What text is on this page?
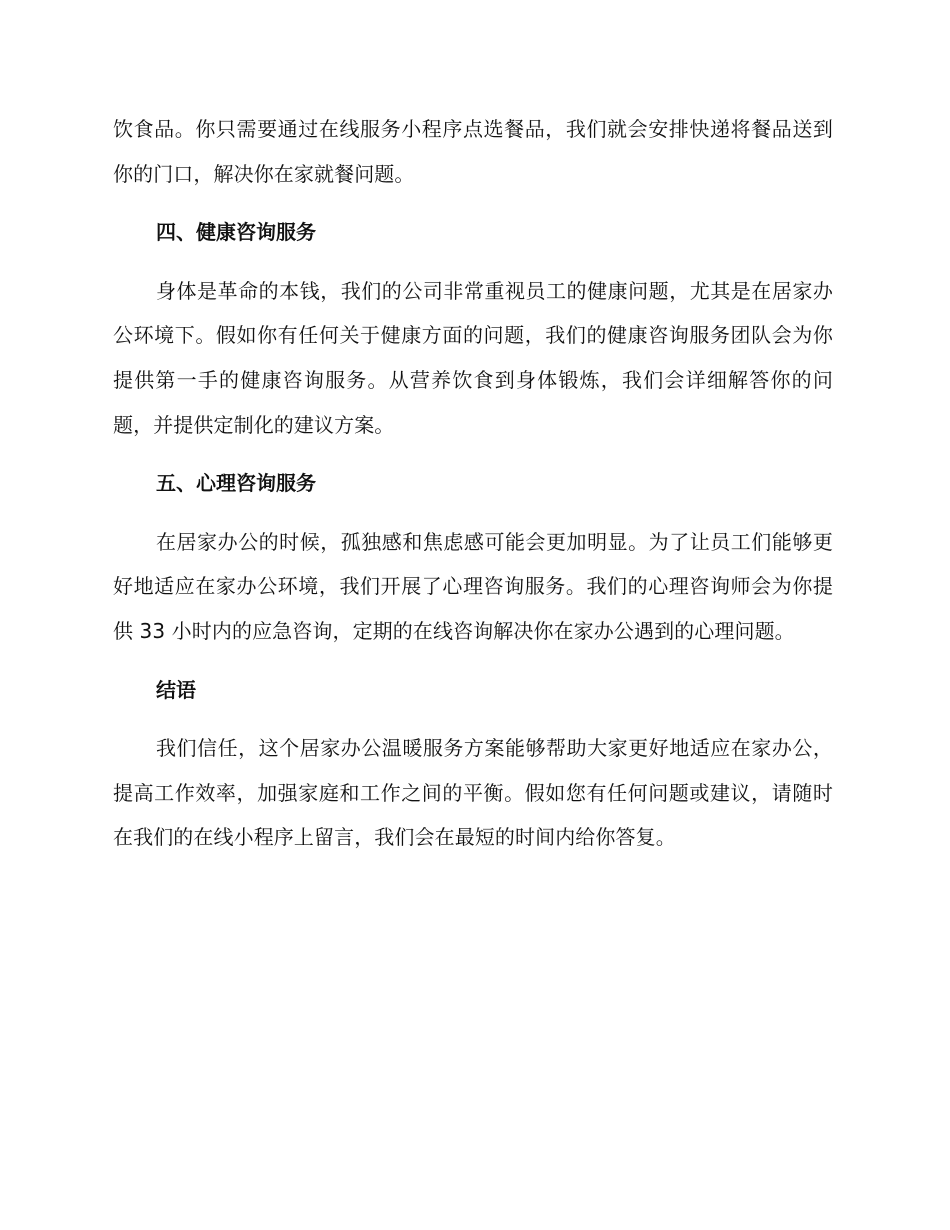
饮食品。你只需要通过在线服务小程序点选餐品，我们就会安排快递将餐品送到你的门口，解决你在家就餐问题。

四、健康咨询服务

身体是革命的本钱，我们的公司非常重视员工的健康问题，尤其是在居家办公环境下。假如你有任何关于健康方面的问题，我们的健康咨询服务团队会为你提供第一手的健康咨询服务。从营养饮食到身体锻炼，我们会详细解答你的问题，并提供定制化的建议方案。

五、心理咨询服务

在居家办公的时候，孤独感和焦虑感可能会更加明显。为了让员工们能够更好地适应在家办公环境，我们开展了心理咨询服务。我们的心理咨询师会为你提供 33 小时内的应急咨询，定期的在线咨询解决你在家办公遇到的心理问题。

结语

我们信任，这个居家办公温暖服务方案能够帮助大家更好地适应在家办公，提高工作效率，加强家庭和工作之间的平衡。假如您有任何问题或建议，请随时在我们的在线小程序上留言，我们会在最短的时间内给你答复。
